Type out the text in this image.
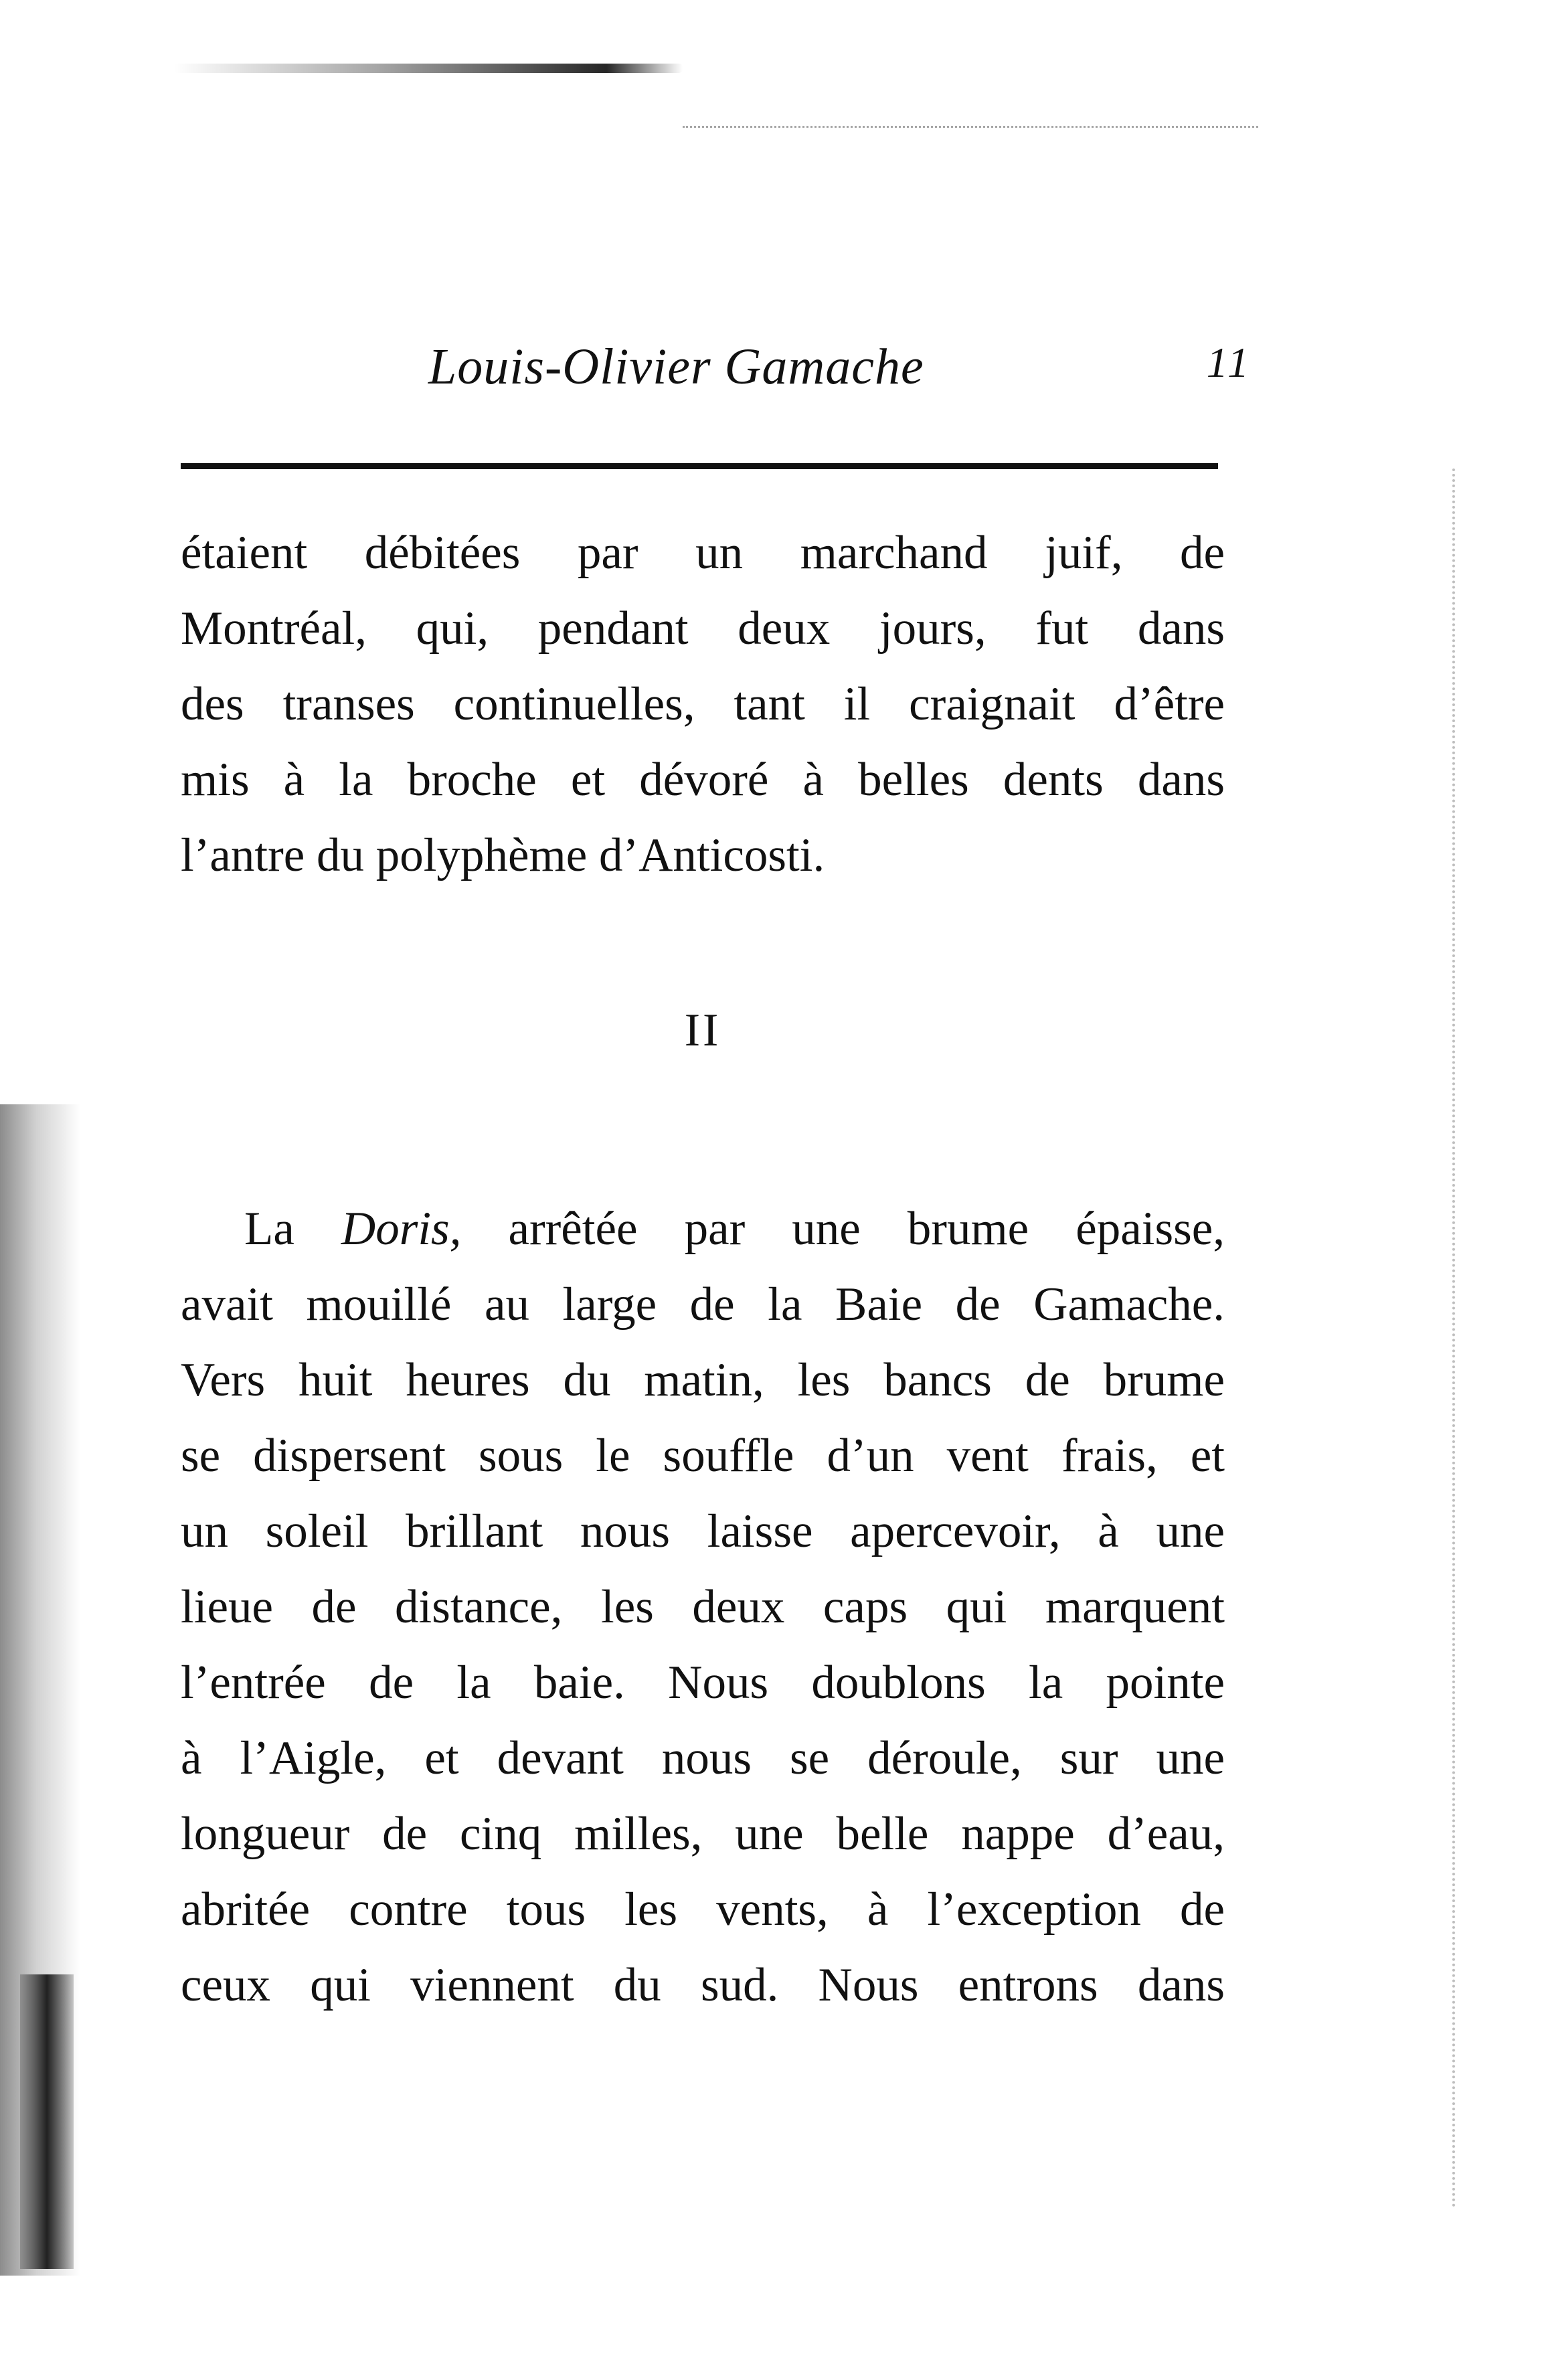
Louis-Olivier Gamache	11
étaient débitées par un marchand juif, de
Montréal, qui, pendant deux jours, fut dans
des transes continuelles, tant il craignait d’être
mis à la broche et dévoré à belles dents dans
l’antre du polyphème d’Anticosti.
II
La Doris, arrêtée par une brume épaisse,
avait mouillé au large de la Baie de Gamache.
Vers huit heures du matin, les bancs de brume
se dispersent sous le souffle d’un vent frais, et
un soleil brillant nous laisse apercevoir, à une
lieue de distance, les deux caps qui marquent
l’entrée de la baie. Nous doublons la pointe
à l’Aigle, et devant nous se déroule, sur une
longueur de cinq milles, une belle nappe d’eau,
abritée contre tous les vents, à l’exception de
ceux qui viennent du sud. Nous entrons dans
